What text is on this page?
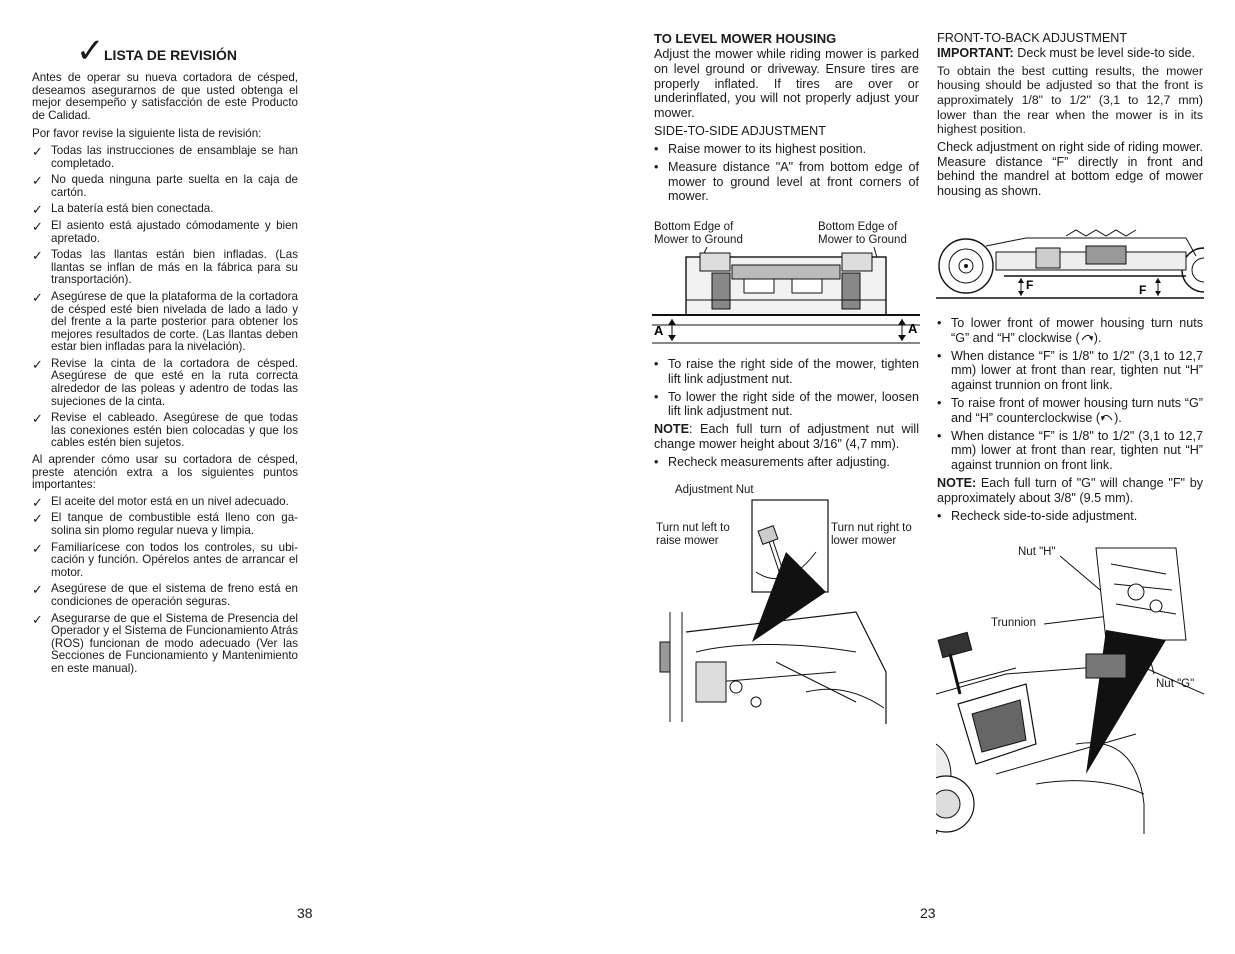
✓ LISTA DE REVISIÓN
Antes de operar su nueva cortadora de césped, deseamos asegurarnos de que usted obtenga el mejor desempeño y satisfacción de este Producto de Calidad.
Por favor revise la siguiente lista de revisión:
✓ Todas las instrucciones de ensamblaje se han completado.
✓ No queda ninguna parte suelta en la caja de cartón.
✓ La batería está bien conectada.
✓ El asiento está ajustado cómodamente y bien apretado.
✓ Todas las llantas están bien infladas. (Las llantas se inflan de más en la fábrica para su transportación).
✓ Asegúrese de que la plataforma de la cortadora de césped esté bien nivelada de lado a lado y del frente a la parte posterior para obtener los mejores resultados de corte. (Las llantas deben estar bien infladas para la nivelación).
✓ Revise la cinta de la cortadora de césped. Asegúrese de que esté en la ruta correcta alrededor de las poleas y adentro de todas las sujeciones de la cinta.
✓ Revise el cableado. Asegúrese de que todas las conexiones estén bien colocadas y que los cables estén bien sujetos.
Al aprender cómo usar su cortadora de césped, preste atención extra a los siguientes puntos importantes:
✓ El aceite del motor está en un nivel adecuado.
✓ El tanque de combustible está lleno con ga- solina sin plomo regular nueva y limpia.
✓ Familiarícese con todos los controles, su ubi- cación y función. Opérelos antes de arrancar el motor.
✓ Asegúrese de que el sistema de freno está en condiciones de operación seguras.
✓ Asegurarse de que el Sistema de Presencia del Operador y el Sistema de Funcionamiento Atrás (ROS) funcionan de modo adecuado (Ver las Secciones de Funcionamiento y Mantenimiento en este manual).
38
TO LEVEL MOWER HOUSING
Adjust the mower while riding mower is parked on level ground or driveway. Ensure tires are properly inflated. If tires are over or underinflated, you will not properly adjust your mower.
SIDE-TO-SIDE ADJUSTMENT
• Raise mower to its highest position.
• Measure distance "A" from bottom edge of mower to ground level at front corners of mower.
Bottom Edge of Mower to Ground
Bottom Edge of Mower to Ground
A	A
• To raise the right side of the mower, tighten lift link adjustment nut.
• To lower the right side of the mower, loosen lift link adjustment nut.
NOTE: Each full turn of adjustment nut will change mower height about 3/16" (4,7 mm).
• Recheck measurements after adjusting.
Adjustment Nut
Turn nut left to raise mower
Turn nut right to lower mower
FRONT-TO-BACK ADJUSTMENT
IMPORTANT: Deck must be level side-to side.
To obtain the best cutting results, the mower housing should be adjusted so that the front is approximately 1/8" to 1/2" (3,1 to 12,7 mm) lower than the rear when the mower is in its highest position.
Check adjustment on right side of riding mower. Measure distance “F” directly in front and behind the mandrel at bottom edge of mower housing as shown.
F	F
• To lower front of mower housing turn nuts “G” and “H” clockwise ( ).
• When distance “F” is 1/8" to 1/2" (3,1 to 12,7 mm) lower at front than rear, tighten nut “H” against trunnion on front link.
• To raise front of mower housing turn nuts “G” and “H” counterclockwise ( ).
• When distance “F” is 1/8" to 1/2" (3,1 to 12,7 mm) lower at front than rear, tighten nut “H” against trunnion on front link.
NOTE: Each full turn of "G" will change "F" by approximately about 3/8" (9.5 mm).
• Recheck side-to-side adjustment.
Nut "H"
Trunnion
Nut "G"
23
